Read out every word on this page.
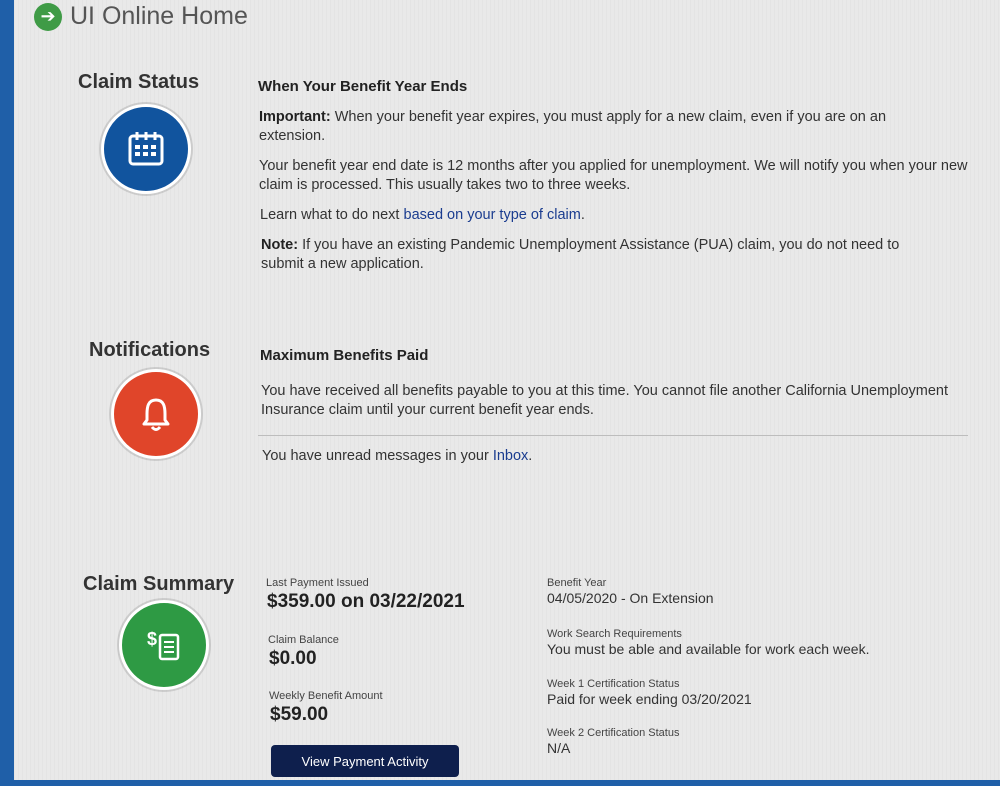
➔ UI Online Home
Claim Status	When Your Benefit Year Ends
Important: When your benefit year expires, you must apply for a new claim, even if you are on an extension.
Your benefit year end date is 12 months after you applied for unemployment. We will notify you when your new claim is processed. This usually takes two to three weeks.
Learn what to do next based on your type of claim.
Note: If you have an existing Pandemic Unemployment Assistance (PUA) claim, you do not need to submit a new application.
Notifications	Maximum Benefits Paid
You have received all benefits payable to you at this time. You cannot file another California Unemployment Insurance claim until your current benefit year ends.
You have unread messages in your Inbox.
Claim Summary
$
Last Payment Issued
$359.00 on 03/22/2021
Claim Balance
$0.00
Weekly Benefit Amount
$59.00
View Payment Activity
Benefit Year
04/05/2020 - On Extension
Work Search Requirements
You must be able and available for work each week.
Week 1 Certification Status
Paid for week ending 03/20/2021
Week 2 Certification Status
N/A
